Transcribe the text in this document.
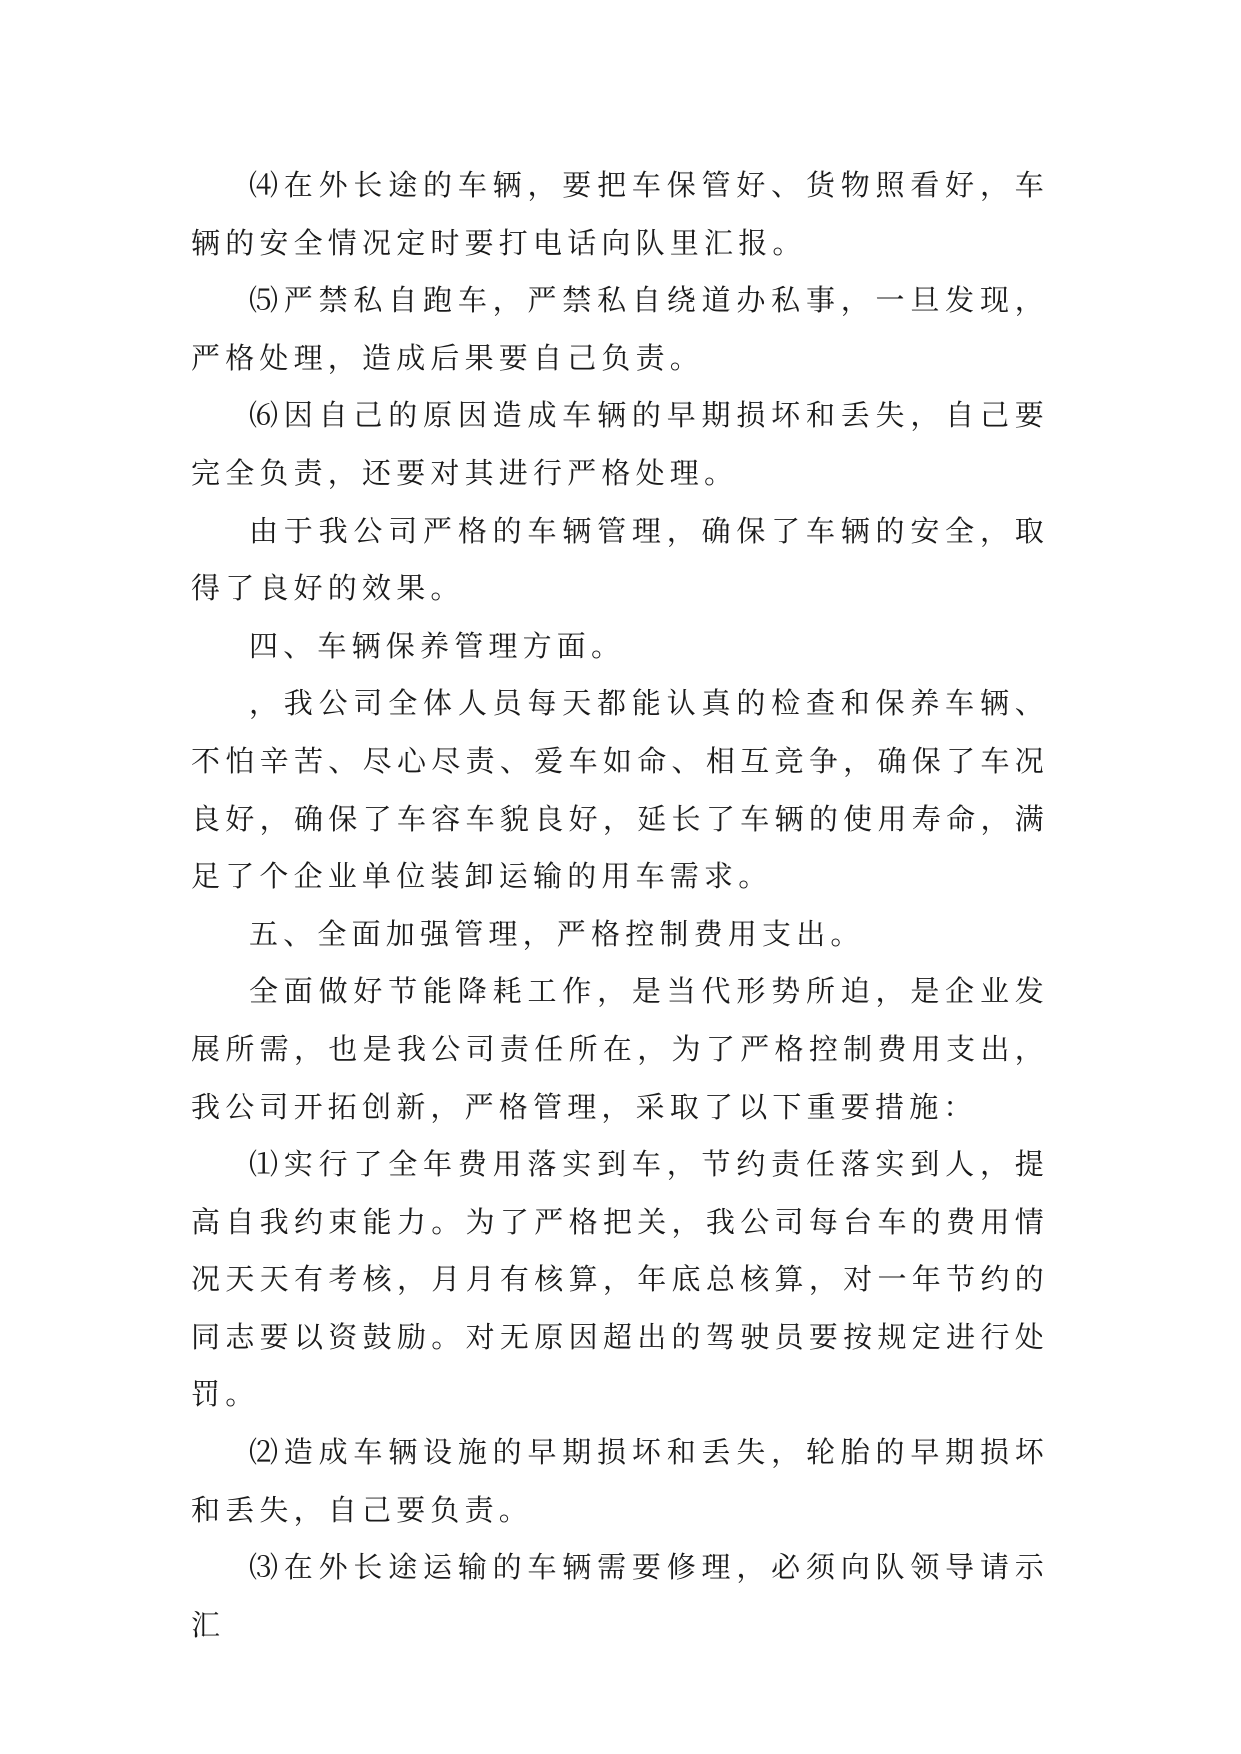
⑷在外长途的车辆，要把车保管好、货物照看好，车辆的安全情况定时要打电话向队里汇报。

⑸严禁私自跑车，严禁私自绕道办私事，一旦发现，严格处理，造成后果要自己负责。

⑹因自己的原因造成车辆的早期损坏和丢失，自己要完全负责，还要对其进行严格处理。

由于我公司严格的车辆管理，确保了车辆的安全，取得了良好的效果。

四、车辆保养管理方面。

，我公司全体人员每天都能认真的检查和保养车辆、不怕辛苦、尽心尽责、爱车如命、相互竞争，确保了车况良好，确保了车容车貌良好，延长了车辆的使用寿命，满足了个企业单位装卸运输的用车需求。

五、全面加强管理，严格控制费用支出。

全面做好节能降耗工作，是当代形势所迫，是企业发展所需，也是我公司责任所在，为了严格控制费用支出，我公司开拓创新，严格管理，采取了以下重要措施：

⑴实行了全年费用落实到车，节约责任落实到人，提高自我约束能力。为了严格把关，我公司每台车的费用情况天天有考核，月月有核算，年底总核算，对一年节约的同志要以资鼓励。对无原因超出的驾驶员要按规定进行处罚。

⑵造成车辆设施的早期损坏和丢失，轮胎的早期损坏和丢失，自己要负责。

⑶在外长途运输的车辆需要修理，必须向队领导请示汇
